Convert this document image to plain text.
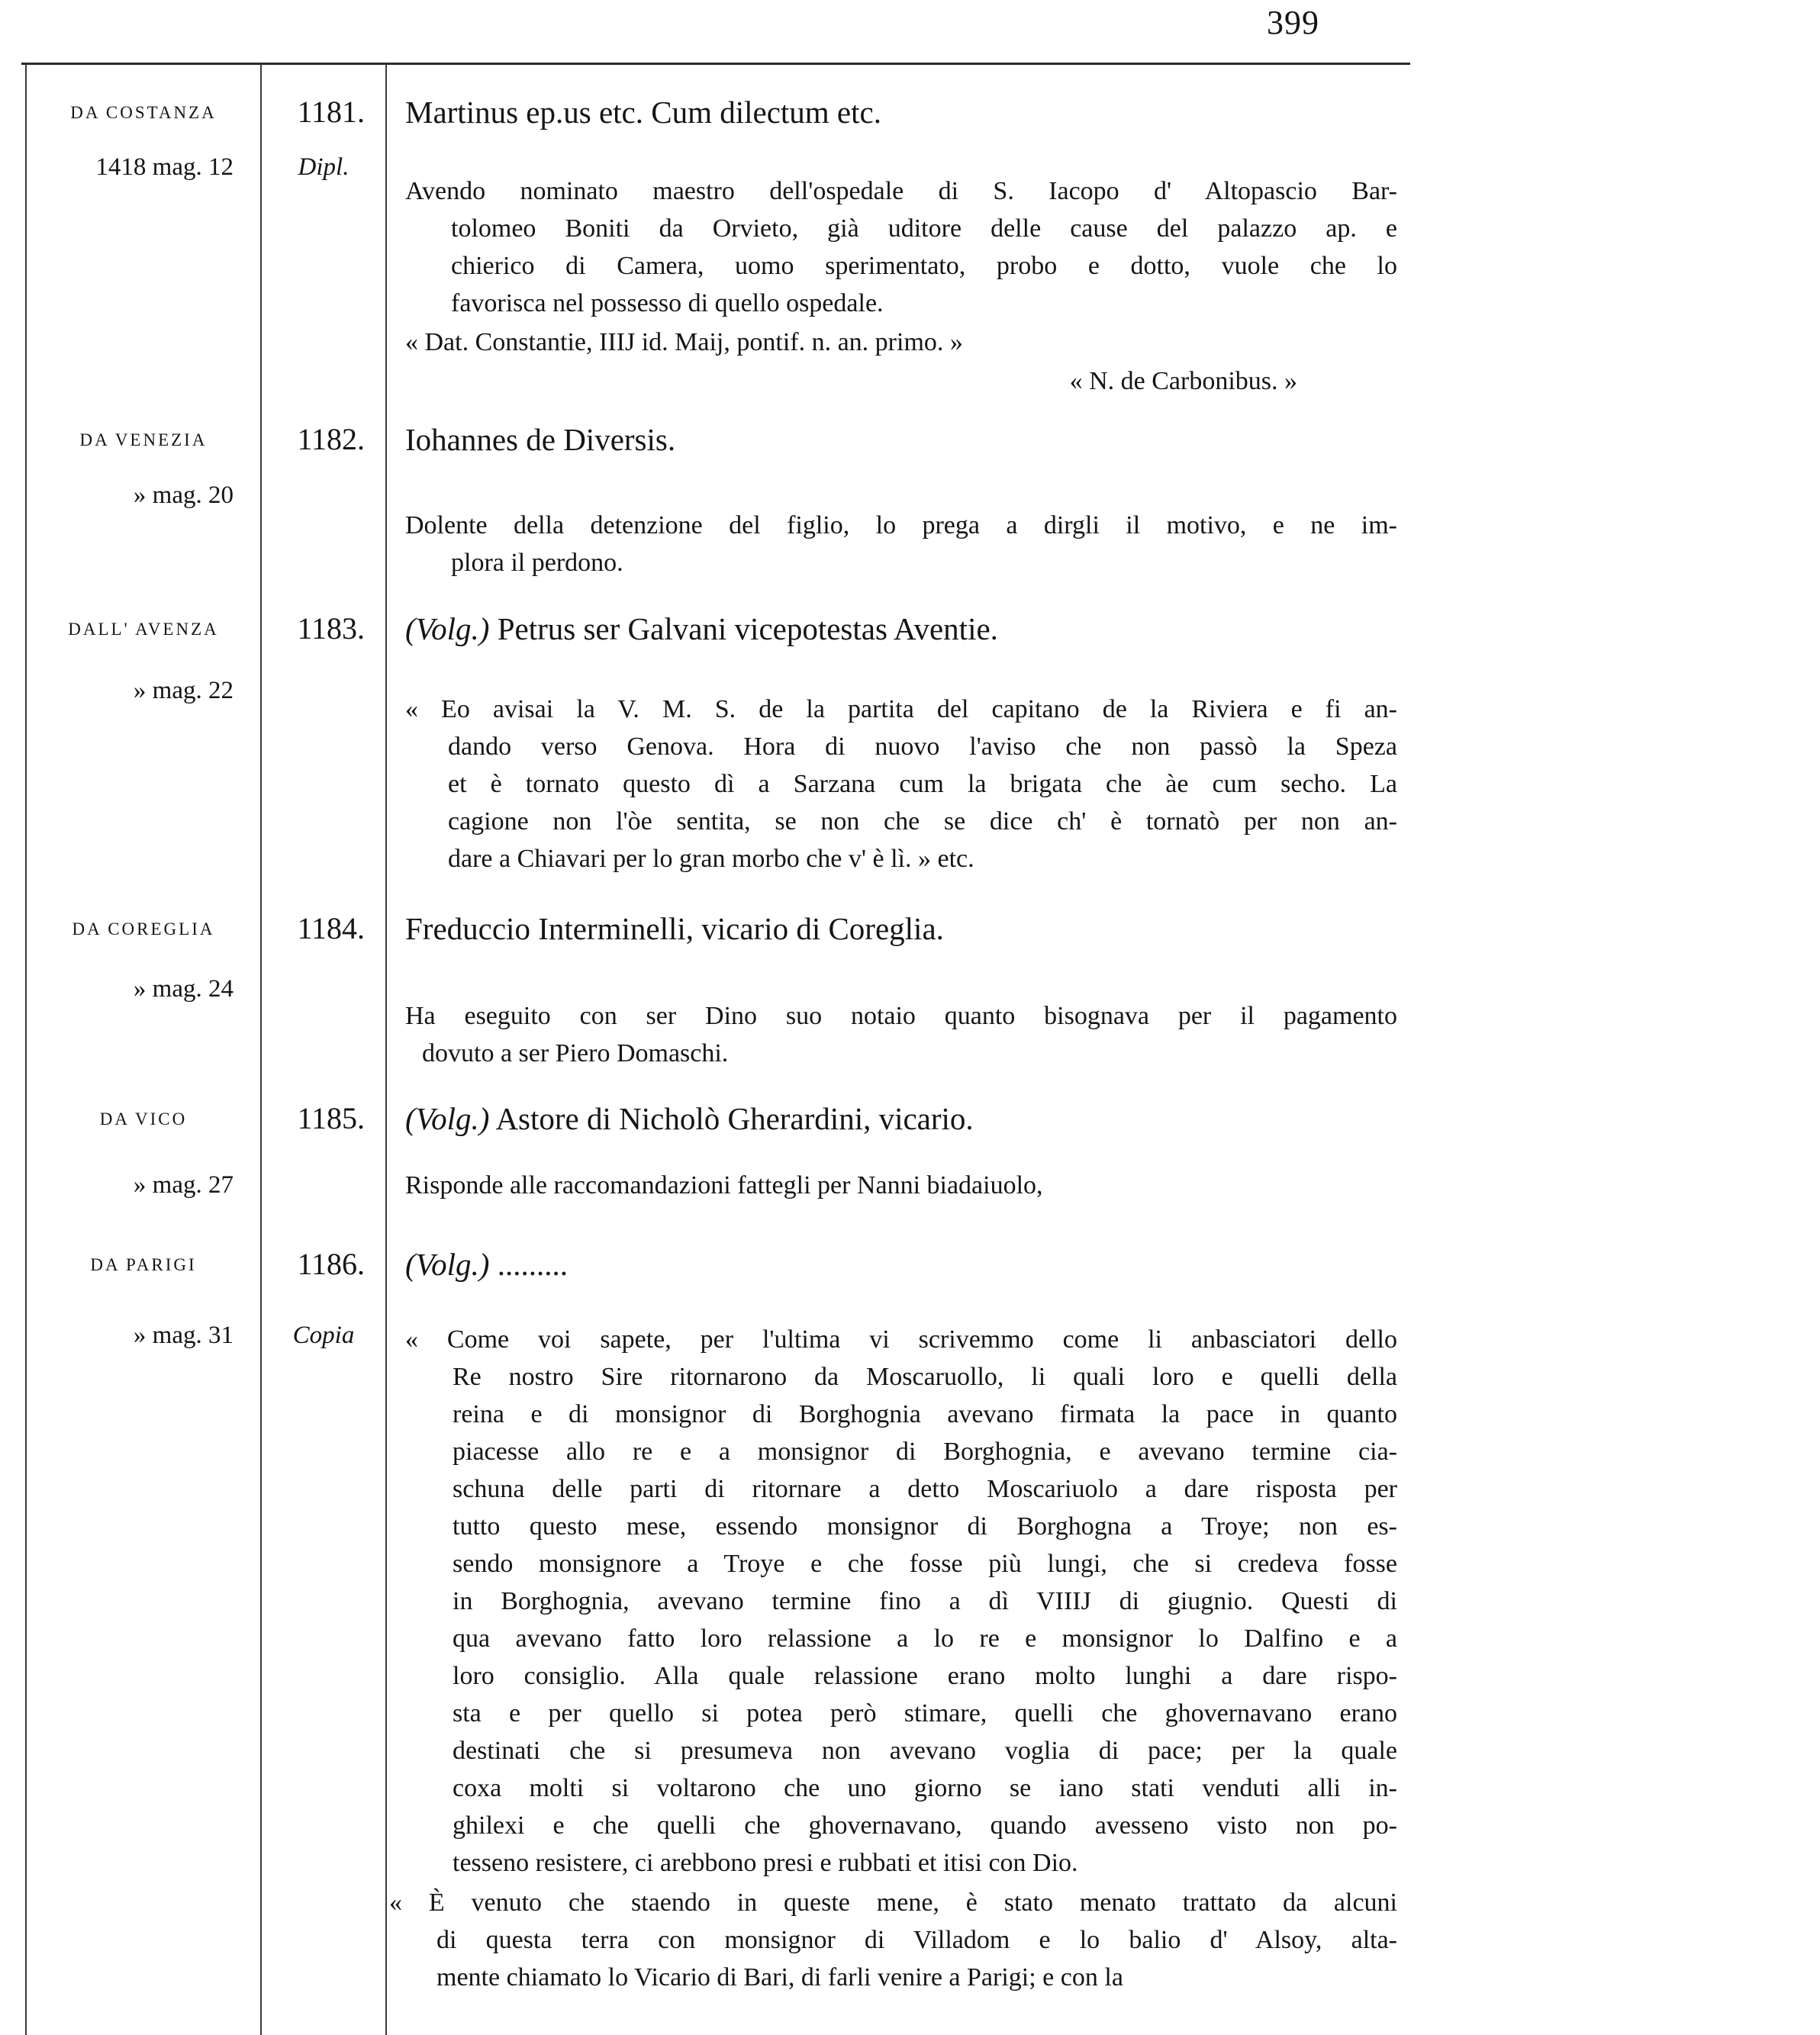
399
DA COSTANZA
1418 mag. 12
1181.
Dipl.
Martinus ep.us etc. Cum dilectum etc.
Avendo nominato maestro dell'ospedale di S. Iacopo d' Altopascio Bar-
tolomeo Boniti da Orvieto, già uditore delle cause del palazzo ap. e
chierico di Camera, uomo sperimentato, probo e dotto, vuole che lo
favorisca nel possesso di quello ospedale.
« Dat. Constantie, IIIJ id. Maij, pontif. n. an. primo. »
« N. de Carbonibus. »
DA VENEZIA
» mag. 20
1182. Iohannes de Diversis.
Dolente della detenzione del figlio, lo prega a dirgli il motivo, e ne im-
plora il perdono.
DALL' AVENZA
» mag. 22
1183. (Volg.) Petrus ser Galvani vicepotestas Aventie.
« Eo avisai la V. M. S. de la partita del capitano de la Riviera e fi an-
dando verso Genova. Hora di nuovo l'aviso che non passò la Speza
et è tornato questo dì a Sarzana cum la brigata che àe cum secho. La
cagione non l'òe sentita, se non che se dice ch' è tornatò per non an-
dare a Chiavari per lo gran morbo che v' è lì. » etc.
DA COREGLIA
» mag. 24
1184. Freduccio Interminelli, vicario di Coreglia.
Ha eseguito con ser Dino suo notaio quanto bisognava per il pagamento
dovuto a ser Piero Domaschi.
DA VICO
» mag. 27
1185. (Volg.) Astore di Nicholò Gherardini, vicario.
Risponde alle raccomandazioni fattegli per Nanni biadaiuolo,
DA PARIGI
» mag. 31
1186.
Copia
(Volg.) .........
« Come voi sapete, per l'ultima vi scrivemmo come li anbasciatori dello
Re nostro Sire ritornarono da Moscaruollo, li quali loro e quelli della
reina e di monsignor di Borghognia avevano firmata la pace in quanto
piacesse allo re e a monsignor di Borghognia, e avevano termine cia-
schuna delle parti di ritornare a detto Moscariuolo a dare risposta per
tutto questo mese, essendo monsignor di Borghogna a Troye; non es-
sendo monsignore a Troye e che fosse più lungi, che si credeva fosse
in Borghognia, avevano termine fino a dì VIIIJ di giugnio. Questi di
qua avevano fatto loro relassione a lo re e monsignor lo Dalfino e a
loro consiglio. Alla quale relassione erano molto lunghi a dare rispo-
sta e per quello si potea però stimare, quelli che ghovernavano erano
destinati che si presumeva non avevano voglia di pace; per la quale
coxa molti si voltarono che uno giorno se iano stati venduti alli in-
ghilexi e che quelli che ghovernavano, quando avesseno visto non po-
tesseno resistere, ci arebbono presi e rubbati et itisi con Dio.
« È venuto che staendo in queste mene, è stato menato trattato da alcuni
di questa terra con monsignor di Villadom e lo balio d' Alsoy, alta-
mente chiamato lo Vicario di Bari, di farli venire a Parigi; e con la
